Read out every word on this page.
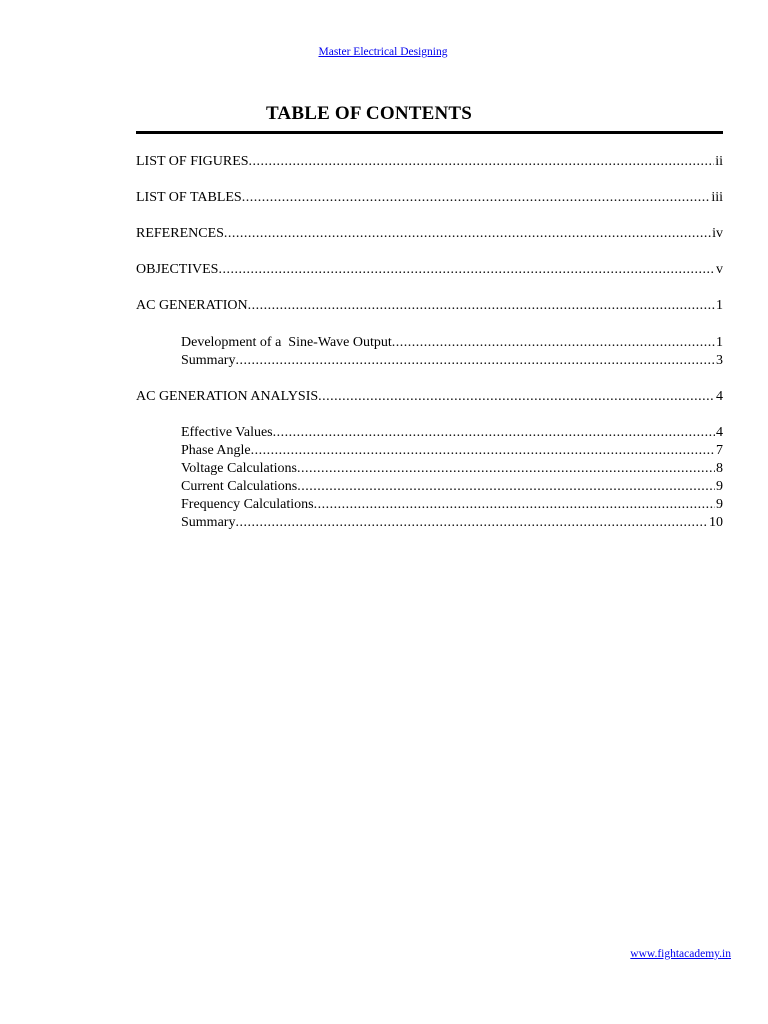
Master Electrical Designing
TABLE OF CONTENTS
LIST OF FIGURES .....	ii
LIST OF TABLES .....	iii
REFERENCES .....	iv
OBJECTIVES .....	v
AC GENERATION .....	1
Development of a  Sine-Wave Output .....	1
Summary .....	3
AC GENERATION ANALYSIS .....	4
Effective Values .....	4
Phase Angle .....	7
Voltage Calculations .....	8
Current Calculations .....	9
Frequency Calculations .....	9
Summary .....	10
www.fightacademy.in
